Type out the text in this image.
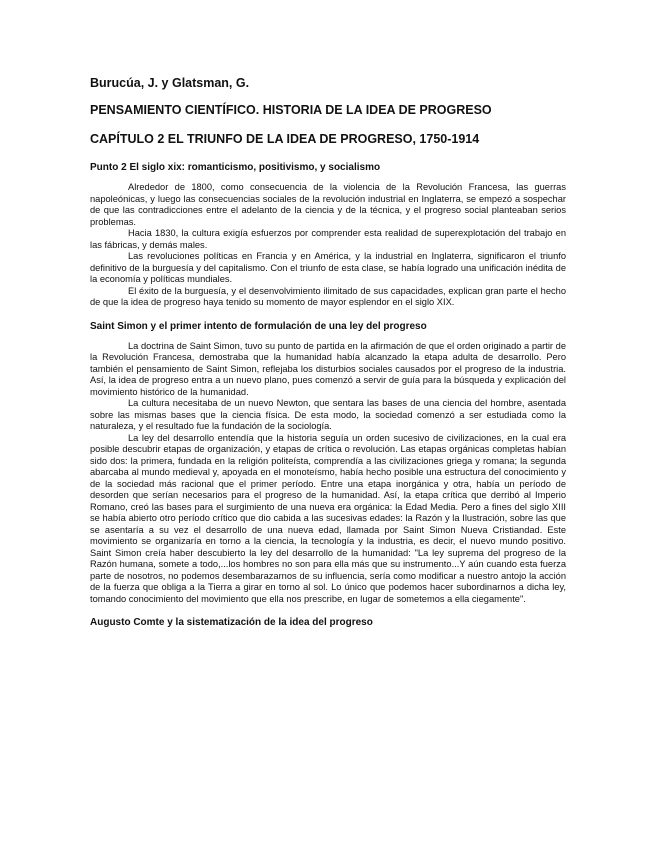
Burucúa, J. y Glatsman, G.

PENSAMIENTO CIENTÍFICO. HISTORIA DE LA IDEA DE PROGRESO

CAPÍTULO 2 EL TRIUNFO DE LA IDEA DE PROGRESO, 1750-1914

Punto 2 El siglo xix: romanticismo, positivismo, y socialismo

Alrededor de 1800, como consecuencia de la violencia de la Revolución Francesa, las guerras napoleónicas, y luego las consecuencias sociales de la revolución industrial en Inglaterra, se empezó a sospechar de que las contradicciones entre el adelanto de la ciencia y de la técnica, y el progreso social planteaban serios problemas.

Hacia 1830, la cultura exigía esfuerzos por comprender esta realidad de superexplotación del trabajo en las fábricas, y demás males.

Las revoluciones políticas en Francia y en América, y la industrial en Inglaterra, significaron el triunfo definitivo de la burguesía y del capitalismo. Con el triunfo de esta clase, se había logrado una unificación inédita de la economía y políticas mundiales.

El éxito de la burguesía, y el desenvolvimiento ilimitado de sus capacidades, explican gran parte el hecho de que la idea de progreso haya tenido su momento de mayor esplendor en el siglo XIX.

Saint Simon y el primer intento de formulación de una ley del progreso

La doctrina de Saint Simon, tuvo su punto de partida en la afirmación de que el orden originado a partir de la Revolución Francesa, demostraba que la humanidad había alcanzado la etapa adulta de desarrollo. Pero también el pensamiento de Saint Simon, reflejaba los disturbios sociales causados por el progreso de la industria. Así, la idea de progreso entra a un nuevo plano, pues comenzó a servir de guía para la búsqueda y explicación del movimiento histórico de la humanidad.

La cultura necesitaba de un nuevo Newton, que sentara las bases de una ciencia del hombre, asentada sobre las mismas bases que la ciencia física. De esta modo, la sociedad comenzó a ser estudiada como la naturaleza, y el resultado fue la fundación de la sociología.

La ley del desarrollo entendía que la historia seguía un orden sucesivo de civilizaciones, en la cual era posible descubrir etapas de organización, y etapas de crítica o revolución. Las etapas orgánicas completas habían sido dos: la primera, fundada en la religión politeísta, comprendía a las civilizaciones griega y romana; la segunda abarcaba al mundo medieval y, apoyada en el monoteísmo, había hecho posible una estructura del conocimiento y de la sociedad más racional que el primer período. Entre una etapa inorgánica y otra, había un período de desorden que serían necesarios para el progreso de la humanidad. Así, la etapa crítica que derribó al Imperio Romano, creó las bases para el surgimiento de una nueva era orgánica: la Edad Media. Pero a fines del siglo XIII se había abierto otro período crítico que dio cabida a las sucesivas edades: la Razón y la Ilustración, sobre las que se asentaría a su vez el desarrollo de una nueva edad, llamada por Saint Simon Nueva Cristiandad. Este movimiento se organizaría en torno a la ciencia, la tecnología y la industria, es decir, el nuevo mundo positivo. Saint Simon creía haber descubierto la ley del desarrollo de la humanidad: "La ley suprema del progreso de la Razón humana, somete a todo,...los hombres no son para ella más que su instrumento...Y aún cuando esta fuerza parte de nosotros, no podemos desembarazarnos de su influencia, sería como modificar a nuestro antojo la acción de la fuerza que obliga a la Tierra a girar en torno al sol. Lo único que podemos hacer subordinarnos a dicha ley, tomando conocimiento del movimiento que ella nos prescribe, en lugar de sometemos a ella ciegamente".

Augusto Comte y la sistematización de la idea del progreso
